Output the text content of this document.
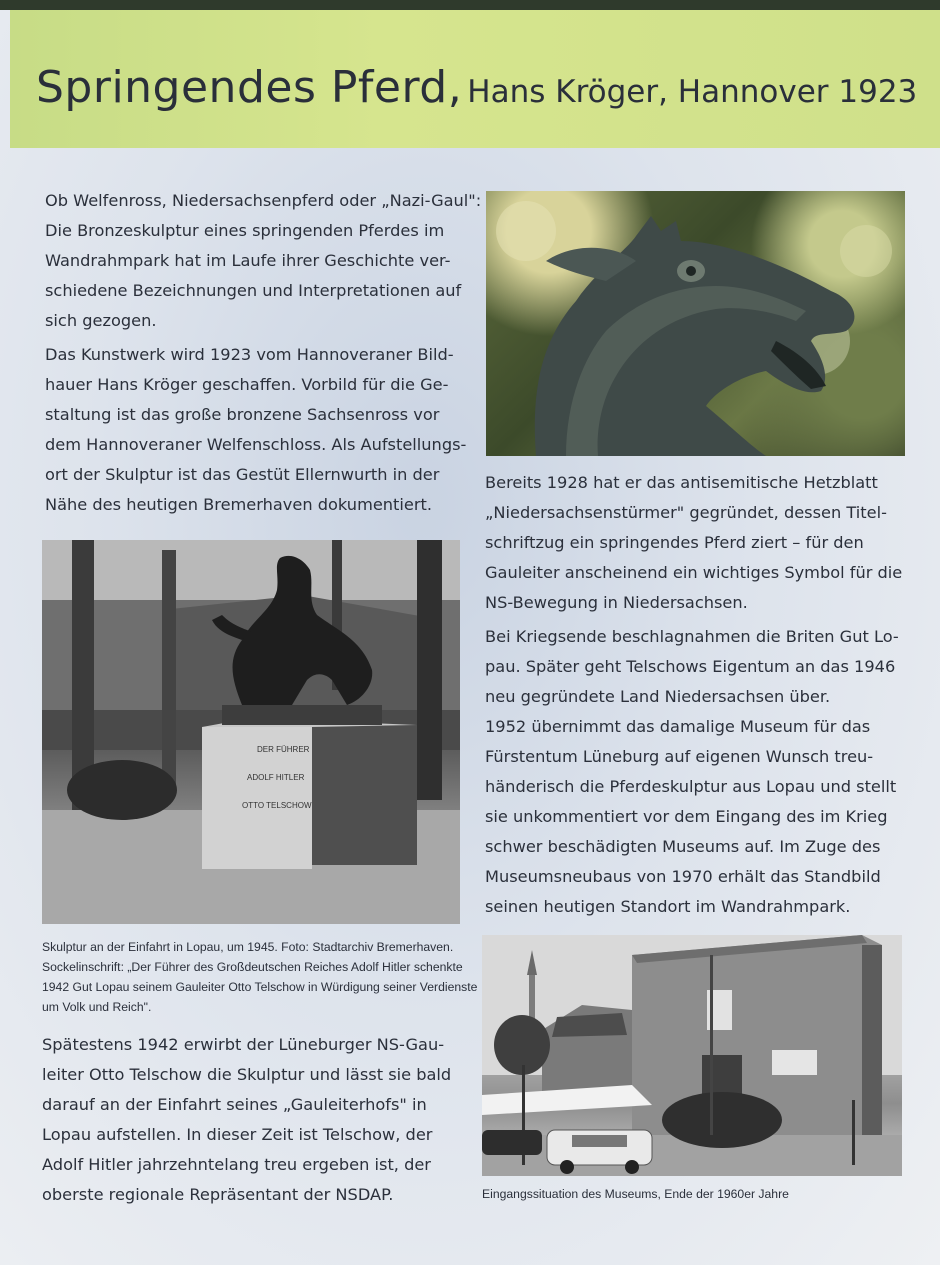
Springendes Pferd, Hans Kröger, Hannover 1923
Ob Welfenross, Niedersachsenpferd oder „Nazi-Gaul":
Die Bronzeskulptur eines springenden Pferdes im
Wandrahmpark hat im Laufe ihrer Geschichte ver-
schiedene Bezeichnungen und Interpretationen auf
sich gezogen.
Das Kunstwerk wird 1923 vom Hannoveraner Bild-
hauer Hans Kröger geschaffen. Vorbild für die Ge-
staltung ist das große bronzene Sachsenross vor
dem Hannoveraner Welfenschloss. Als Aufstellungs-
ort der Skulptur ist das Gestüt Ellernwurth in der
Nähe des heutigen Bremerhaven dokumentiert.
DER FÜHRER
ADOLF HITLER
OTTO TELSCHOW
Skulptur an der Einfahrt in Lopau, um 1945. Foto: Stadtarchiv Bremerhaven.
Sockelinschrift: „Der Führer des Großdeutschen Reiches Adolf Hitler schenkte
1942 Gut Lopau seinem Gauleiter Otto Telschow in Würdigung seiner Verdienste
um Volk und Reich".
Spätestens 1942 erwirbt der Lüneburger NS-Gau-
leiter Otto Telschow die Skulptur und lässt sie bald
darauf an der Einfahrt seines „Gauleiterhofs" in
Lopau aufstellen. In dieser Zeit ist Telschow, der
Adolf Hitler jahrzehntelang treu ergeben ist, der
oberste regionale Repräsentant der NSDAP.
Bereits 1928 hat er das antisemitische Hetzblatt
„Niedersachsenstürmer" gegründet, dessen Titel-
schriftzug ein springendes Pferd ziert – für den
Gauleiter anscheinend ein wichtiges Symbol für die
NS-Bewegung in Niedersachsen.
Bei Kriegsende beschlagnahmen die Briten Gut Lo-
pau. Später geht Telschows Eigentum an das 1946
neu gegründete Land Niedersachsen über.
1952 übernimmt das damalige Museum für das
Fürstentum Lüneburg auf eigenen Wunsch treu-
händerisch die Pferdeskulptur aus Lopau und stellt
sie unkommentiert vor dem Eingang des im Krieg
schwer beschädigten Museums auf. Im Zuge des
Museumsneubaus von 1970 erhält das Standbild
seinen heutigen Standort im Wandrahmpark.
Eingangssituation des Museums, Ende der 1960er Jahre
